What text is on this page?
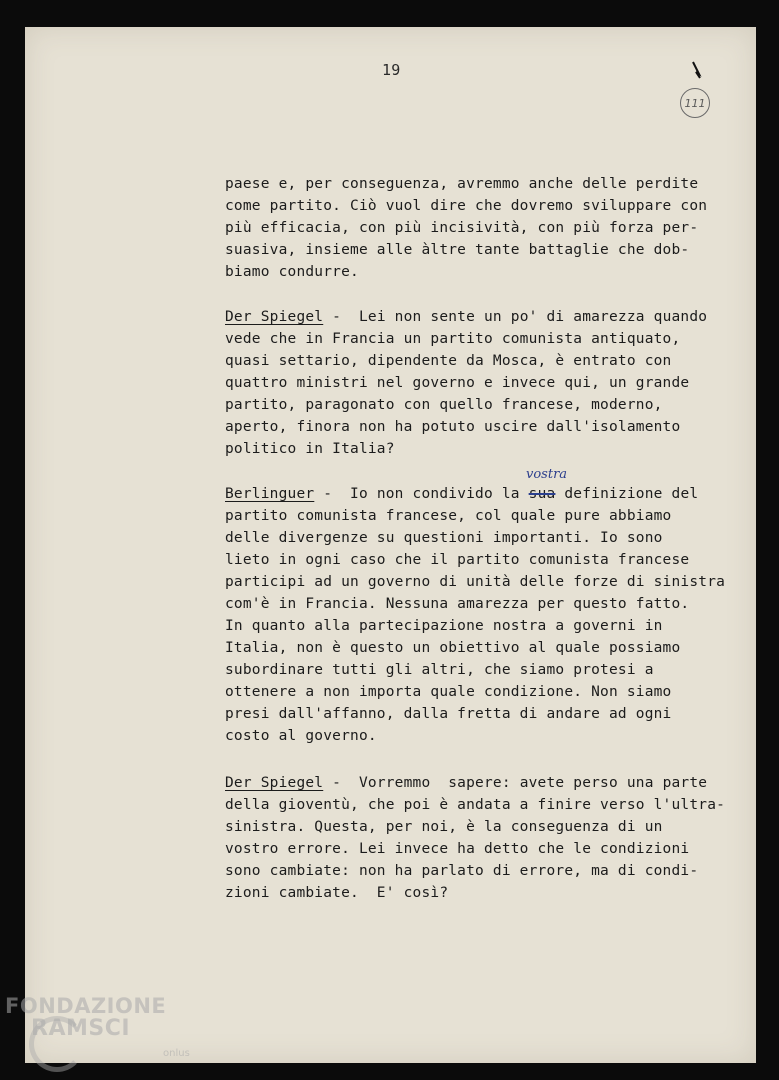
19
111
paese e, per conseguenza, avremmo anche delle perdite
come partito. Ciò vuol dire che dovremo sviluppare con
più efficacia, con più incisività, con più forza per-
suasiva, insieme alle àltre tante battaglie che dob-
biamo condurre.
Der Spiegel -  Lei non sente un po' di amarezza quando
vede che in Francia un partito comunista antiquato,
quasi settario, dipendente da Mosca, è entrato con
quattro ministri nel governo e invece qui, un grande
partito, paragonato con quello francese, moderno,
aperto, finora non ha potuto uscire dall'isolamento
politico in Italia?
vostra
Berlinguer -  Io non condivido la sua definizione del
partito comunista francese, col quale pure abbiamo
delle divergenze su questioni importanti. Io sono
lieto in ogni caso che il partito comunista francese
participi ad un governo di unità delle forze di sinistra
com'è in Francia. Nessuna amarezza per questo fatto.
In quanto alla partecipazione nostra a governi in
Italia, non è questo un obiettivo al quale possiamo
subordinare tutti gli altri, che siamo protesi a
ottenere a non importa quale condizione. Non siamo
presi dall'affanno, dalla fretta di andare ad ogni
costo al governo.
Der Spiegel -  Vorremmo  sapere: avete perso una parte
della gioventù, che poi è andata a finire verso l'ultra-
sinistra. Questa, per noi, è la conseguenza di un
vostro errore. Lei invece ha detto che le condizioni
sono cambiate: non ha parlato di errore, ma di condi-
zioni cambiate.  E' così?
FONDAZIONE
RAMSCI
onlus
